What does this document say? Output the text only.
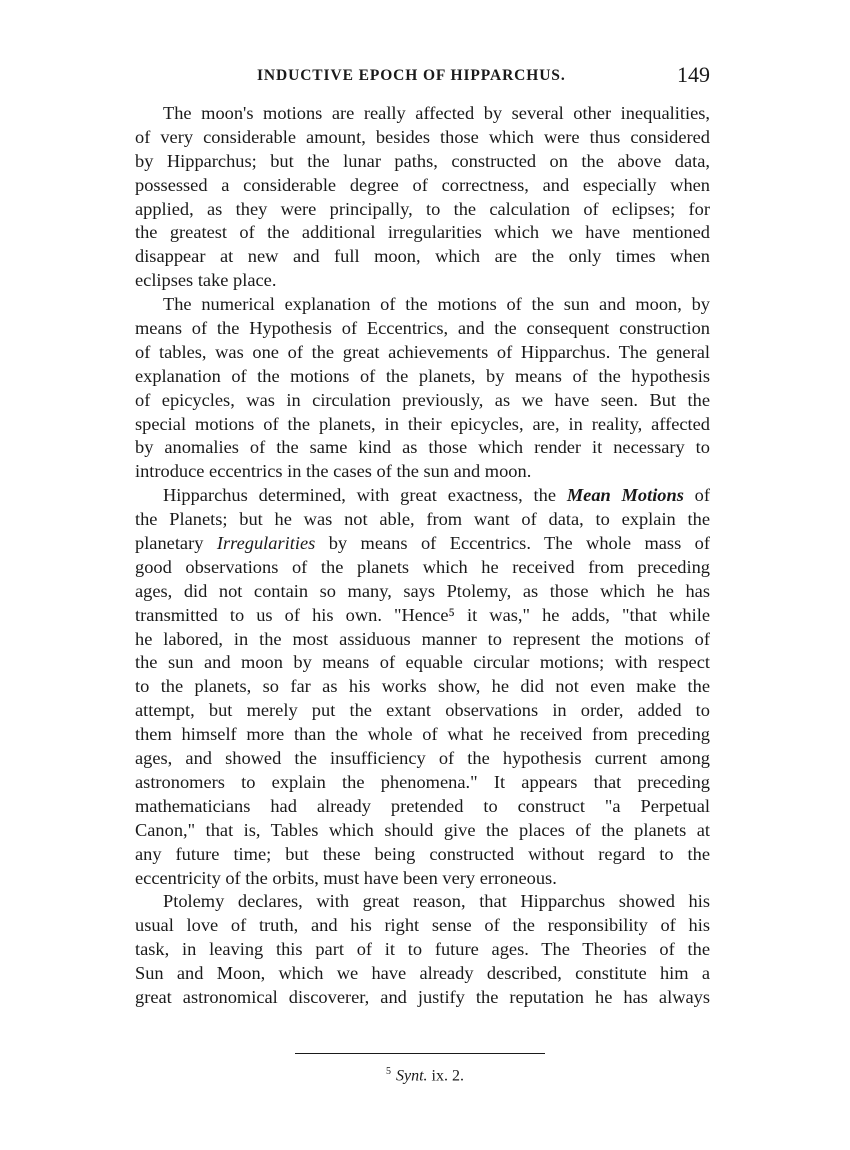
INDUCTIVE EPOCH OF HIPPARCHUS.	149
The moon's motions are really affected by several other inequalities,
of very considerable amount, besides those which were thus considered
by Hipparchus; but the lunar paths, constructed on the above data,
possessed a considerable degree of correctness, and especially when
applied, as they were principally, to the calculation of eclipses; for
the greatest of the additional irregularities which we have mentioned
disappear at new and full moon, which are the only times when
eclipses take place.
The numerical explanation of the motions of the sun and moon, by
means of the Hypothesis of Eccentrics, and the consequent construction
of tables, was one of the great achievements of Hipparchus. The general
explanation of the motions of the planets, by means of the hypothesis
of epicycles, was in circulation previously, as we have seen. But the
special motions of the planets, in their epicycles, are, in reality, affected
by anomalies of the same kind as those which render it necessary to
introduce eccentrics in the cases of the sun and moon.
Hipparchus determined, with great exactness, the Mean Motions of
the Planets; but he was not able, from want of data, to explain the
planetary Irregularities by means of Eccentrics. The whole mass of
good observations of the planets which he received from preceding
ages, did not contain so many, says Ptolemy, as those which he has
transmitted to us of his own. "Hence⁵ it was," he adds, "that while
he labored, in the most assiduous manner to represent the motions of
the sun and moon by means of equable circular motions; with respect
to the planets, so far as his works show, he did not even make the
attempt, but merely put the extant observations in order, added to
them himself more than the whole of what he received from preceding
ages, and showed the insufficiency of the hypothesis current among
astronomers to explain the phenomena." It appears that preceding
mathematicians had already pretended to construct "a Perpetual
Canon," that is, Tables which should give the places of the planets at
any future time; but these being constructed without regard to the
eccentricity of the orbits, must have been very erroneous.
Ptolemy declares, with great reason, that Hipparchus showed his
usual love of truth, and his right sense of the responsibility of his
task, in leaving this part of it to future ages. The Theories of the
Sun and Moon, which we have already described, constitute him a
great astronomical discoverer, and justify the reputation he has always
$^5$ Synt. ix. 2.
